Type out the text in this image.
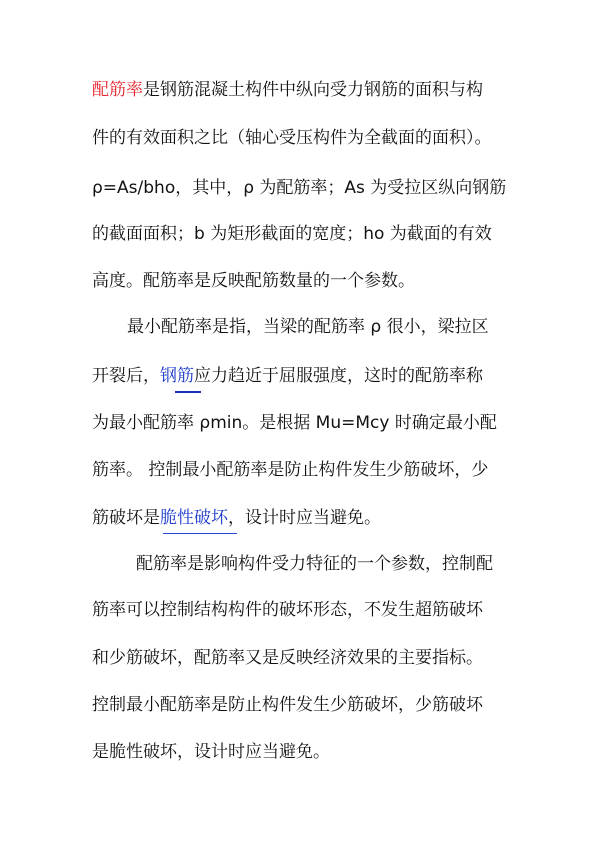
配筋率是钢筋混凝土构件中纵向受力钢筋的面积与构
件的有效面积之比（轴心受压构件为全截面的面积）。
ρ=As/bho，其中，ρ 为配筋率；As 为受拉区纵向钢筋
的截面面积；b 为矩形截面的宽度；ho 为截面的有效
高度。配筋率是反映配筋数量的一个参数。
最小配筋率是指，当梁的配筋率 ρ 很小，梁拉区
开裂后，钢筋应力趋近于屈服强度，这时的配筋率称
为最小配筋率 ρmin。是根据 Mu=Mcy 时确定最小配
筋率。 控制最小配筋率是防止构件发生少筋破坏，少
筋破坏是脆性破坏，设计时应当避免。
配筋率是影响构件受力特征的一个参数，控制配
筋率可以控制结构构件的破坏形态，不发生超筋破坏
和少筋破坏，配筋率又是反映经济效果的主要指标。
控制最小配筋率是防止构件发生少筋破坏，少筋破坏
是脆性破坏，设计时应当避免。
